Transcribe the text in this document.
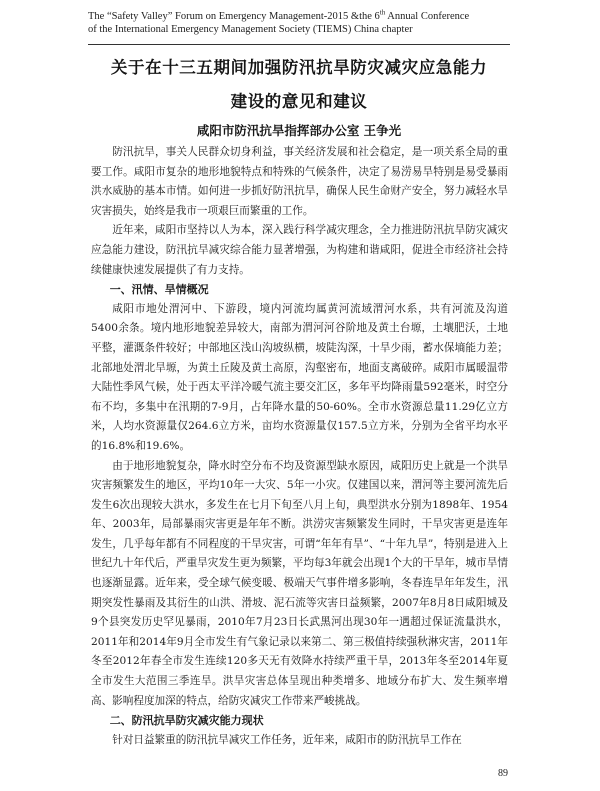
The “Safety Valley” Forum on Emergency Management-2015 &the 6th Annual Conference
of the International Emergency Management Society (TIEMS) China chapter
关于在十三五期间加强防汛抗旱防灾减灾应急能力
建设的意见和建议
咸阳市防汛抗旱指挥部办公室 王争光

防汛抗旱，事关人民群众切身利益，事关经济发展和社会稳定，是一项关系全局的重要工作。咸阳市复杂的地形地貌特点和特殊的气候条件，决定了易涝易旱特别是易受暴雨洪水威胁的基本市情。如何进一步抓好防汛抗旱，确保人民生命财产安全，努力减轻水旱灾害损失，始终是我市一项艰巨而繁重的工作。

近年来，咸阳市坚持以人为本，深入践行科学减灾理念，全力推进防汛抗旱防灾减灾应急能力建设，防汛抗旱减灾综合能力显著增强，为构建和谐咸阳，促进全市经济社会持续健康快速发展提供了有力支持。

一、汛情、旱情概况

咸阳市地处渭河中、下游段，境内河流均属黄河流域渭河水系，共有河流及沟道5400余条。境内地形地貌差异较大，南部为渭河河谷阶地及黄土台塬，土壤肥沃，土地平整，灌溉条件较好；中部地区浅山沟坡纵横，坡陡沟深，十旱少雨，蓄水保墒能力差；北部地处渭北旱塬，为黄土丘陵及黄土高原，沟壑密布，地面支离破碎。咸阳市属暖温带大陆性季风气候，处于西太平洋冷暖气流主要交汇区，多年平均降雨量592毫米，时空分布不均，多集中在汛期的7-9月，占年降水量的50-60%。全市水资源总量11.29亿立方米，人均水资源量仅264.6立方米，亩均水资源量仅157.5立方米，分别为全省平均水平的16.8%和19.6%。

由于地形地貌复杂，降水时空分布不均及资源型缺水原因，咸阳历史上就是一个洪旱灾害频繁发生的地区，平均10年一大灾、5年一小灾。仅建国以来，渭河等主要河流先后发生6次出现较大洪水，多发生在七月下旬至八月上旬，典型洪水分别为1898年、1954年、2003年，局部暴雨灾害更是年年不断。洪涝灾害频繁发生同时，干旱灾害更是连年发生，几乎每年都有不同程度的干旱灾害，可谓“年年有旱”、“十年九旱”，特别是进入上世纪九十年代后，严重旱灾发生更为频繁，平均每3年就会出现1个大的干旱年，城市旱情也逐渐显露。近年来，受全球气候变暖、极端天气事件增多影响，冬春连旱年年发生，汛期突发性暴雨及其衍生的山洪、滑坡、泥石流等灾害日益频繁，2007年8月8日咸阳城及9个县突发历史罕见暴雨，2010年7月23日长武黑河出现30年一遇超过保证流量洪水，2011年和2014年9月全市发生有气象记录以来第二、第三极值持续强秋淋灾害，2011年冬至2012年春全市发生连续120多天无有效降水持续严重干旱，2013年冬至2014年夏全市发生大范围三季连旱。洪旱灾害总体呈现出种类增多、地域分布扩大、发生频率增高、影响程度加深的特点，给防灾减灾工作带来严峻挑战。

二、防汛抗旱防灾减灾能力现状

针对日益繁重的防汛抗旱减灾工作任务，近年来，咸阳市的防汛抗旱工作在

89
